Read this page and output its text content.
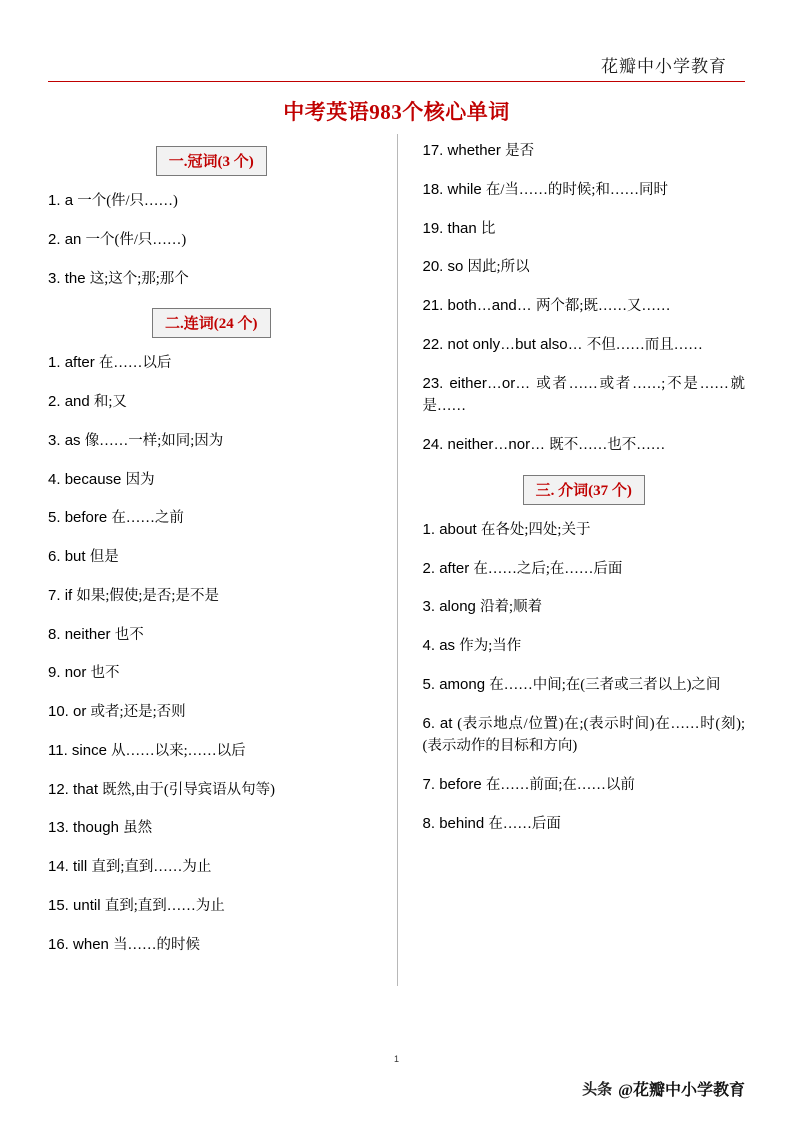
花瓣中小学教育
中考英语983个核心单词
一.冠词(3 个)

1. a 一个(件/只……)

2. an 一个(件/只……)

3. the 这;这个;那;那个

二.连词(24 个)

1. after 在……以后

2. and 和;又

3. as 像……一样;如同;因为

4. because 因为

5. before 在……之前

6. but 但是

7. if 如果;假使;是否;是不是

8. neither 也不

9. nor 也不

10. or 或者;还是;否则

11. since 从……以来;……以后

12. that 既然,由于(引导宾语从句等)

13. though 虽然

14. till 直到;直到……为止

15. until 直到;直到……为止

16. when 当……的时候

17. whether 是否

18. while 在/当……的时候;和……同时

19. than 比

20. so 因此;所以

21. both…and… 两个都;既……又……

22. not only…but also… 不但……而且……

23. either…or… 或者……或者……;不是……就是……

24. neither…nor… 既不……也不……

三. 介词(37 个)

1. about 在各处;四处;关于

2. after 在……之后;在……后面

3. along 沿着;顺着

4. as 作为;当作

5. among 在……中间;在(三者或三者以上)之间

6. at (表示地点/位置)在;(表示时间)在……时(刻);(表示动作的目标和方向)

7. before 在……前面;在……以前

8. behind 在……后面

1
头条 @花瓣中小学教育
